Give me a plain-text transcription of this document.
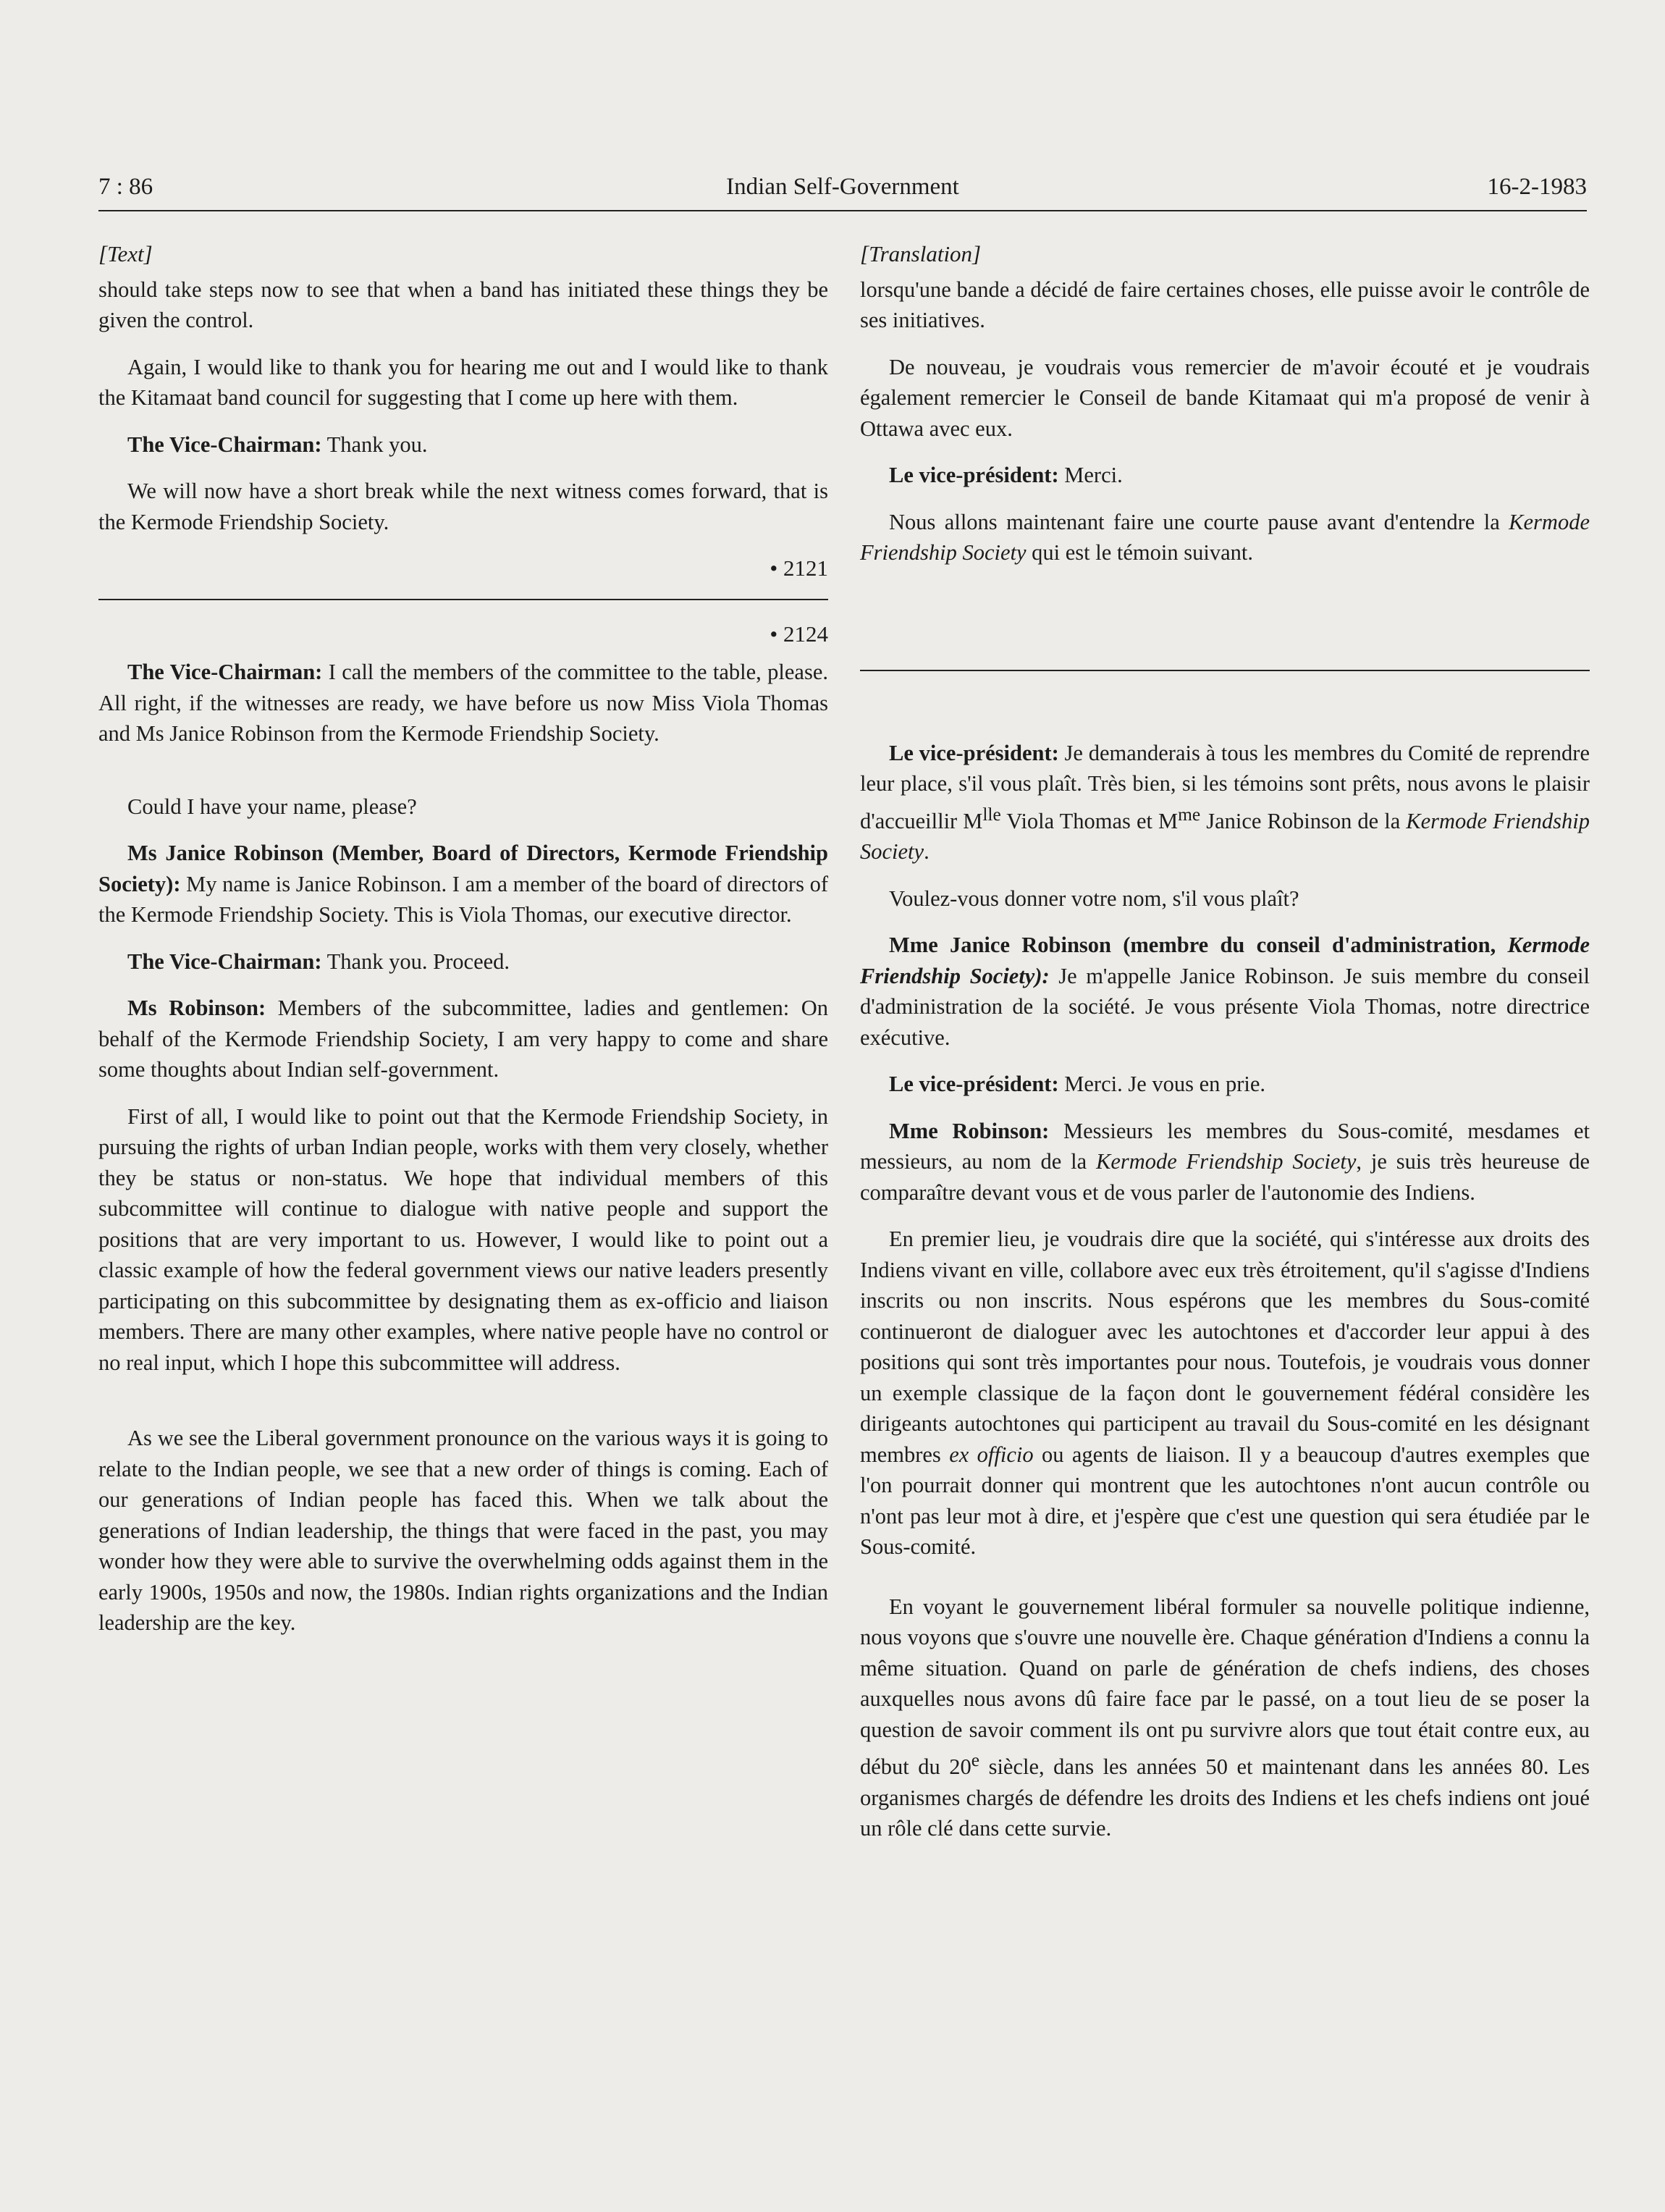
7 : 86	Indian Self-Government	16-2-1983
[Text]

should take steps now to see that when a band has initiated these things they be given the control.

Again, I would like to thank you for hearing me out and I would like to thank the Kitamaat band council for suggesting that I come up here with them.

The Vice-Chairman: Thank you.

We will now have a short break while the next witness comes forward, that is the Kermode Friendship Society.

• 2121
• 2124

The Vice-Chairman: I call the members of the committee to the table, please. All right, if the witnesses are ready, we have before us now Miss Viola Thomas and Ms Janice Robinson from the Kermode Friendship Society.

Could I have your name, please?

Ms Janice Robinson (Member, Board of Directors, Kermode Friendship Society): My name is Janice Robinson. I am a member of the board of directors of the Kermode Friendship Society. This is Viola Thomas, our executive director.

The Vice-Chairman: Thank you. Proceed.

Ms Robinson: Members of the subcommittee, ladies and gentlemen: On behalf of the Kermode Friendship Society, I am very happy to come and share some thoughts about Indian self-government.

First of all, I would like to point out that the Kermode Friendship Society, in pursuing the rights of urban Indian people, works with them very closely, whether they be status or non-status. We hope that individual members of this subcommittee will continue to dialogue with native people and support the positions that are very important to us. However, I would like to point out a classic example of how the federal government views our native leaders presently participating on this subcommittee by designating them as ex-officio and liaison members. There are many other examples, where native people have no control or no real input, which I hope this subcommittee will address.

As we see the Liberal government pronounce on the various ways it is going to relate to the Indian people, we see that a new order of things is coming. Each of our generations of Indian people has faced this. When we talk about the generations of Indian leadership, the things that were faced in the past, you may wonder how they were able to survive the overwhelming odds against them in the early 1900s, 1950s and now, the 1980s. Indian rights organizations and the Indian leadership are the key.

[Translation]

lorsqu'une bande a décidé de faire certaines choses, elle puisse avoir le contrôle de ses initiatives.

De nouveau, je voudrais vous remercier de m'avoir écouté et je voudrais également remercier le Conseil de bande Kitamaat qui m'a proposé de venir à Ottawa avec eux.

Le vice-président: Merci.

Nous allons maintenant faire une courte pause avant d'entendre la Kermode Friendship Society qui est le témoin suivant.

Le vice-président: Je demanderais à tous les membres du Comité de reprendre leur place, s'il vous plaît. Très bien, si les témoins sont prêts, nous avons le plaisir d'accueillir $M^{lle}$ Viola Thomas et $M^{me}$ Janice Robinson de la Kermode Friendship Society.

Voulez-vous donner votre nom, s'il vous plaît?

Mme Janice Robinson (membre du conseil d'administration, Kermode Friendship Society): Je m'appelle Janice Robinson. Je suis membre du conseil d'administration de la société. Je vous présente Viola Thomas, notre directrice exécutive.

Le vice-président: Merci. Je vous en prie.

Mme Robinson: Messieurs les membres du Sous-comité, mesdames et messieurs, au nom de la Kermode Friendship Society, je suis très heureuse de comparaître devant vous et de vous parler de l'autonomie des Indiens.

En premier lieu, je voudrais dire que la société, qui s'intéresse aux droits des Indiens vivant en ville, collabore avec eux très étroitement, qu'il s'agisse d'Indiens inscrits ou non inscrits. Nous espérons que les membres du Sous-comité continueront de dialoguer avec les autochtones et d'accorder leur appui à des positions qui sont très importantes pour nous. Toutefois, je voudrais vous donner un exemple classique de la façon dont le gouvernement fédéral considère les dirigeants autochtones qui participent au travail du Sous-comité en les désignant membres ex officio ou agents de liaison. Il y a beaucoup d'autres exemples que l'on pourrait donner qui montrent que les autochtones n'ont aucun contrôle ou n'ont pas leur mot à dire, et j'espère que c'est une question qui sera étudiée par le Sous-comité.

En voyant le gouvernement libéral formuler sa nouvelle politique indienne, nous voyons que s'ouvre une nouvelle ère. Chaque génération d'Indiens a connu la même situation. Quand on parle de génération de chefs indiens, des choses auxquelles nous avons dû faire face par le passé, on a tout lieu de se poser la question de savoir comment ils ont pu survivre alors que tout était contre eux, au début du 20e siècle, dans les années 50 et maintenant dans les années 80. Les organismes chargés de défendre les droits des Indiens et les chefs indiens ont joué un rôle clé dans cette survie.
